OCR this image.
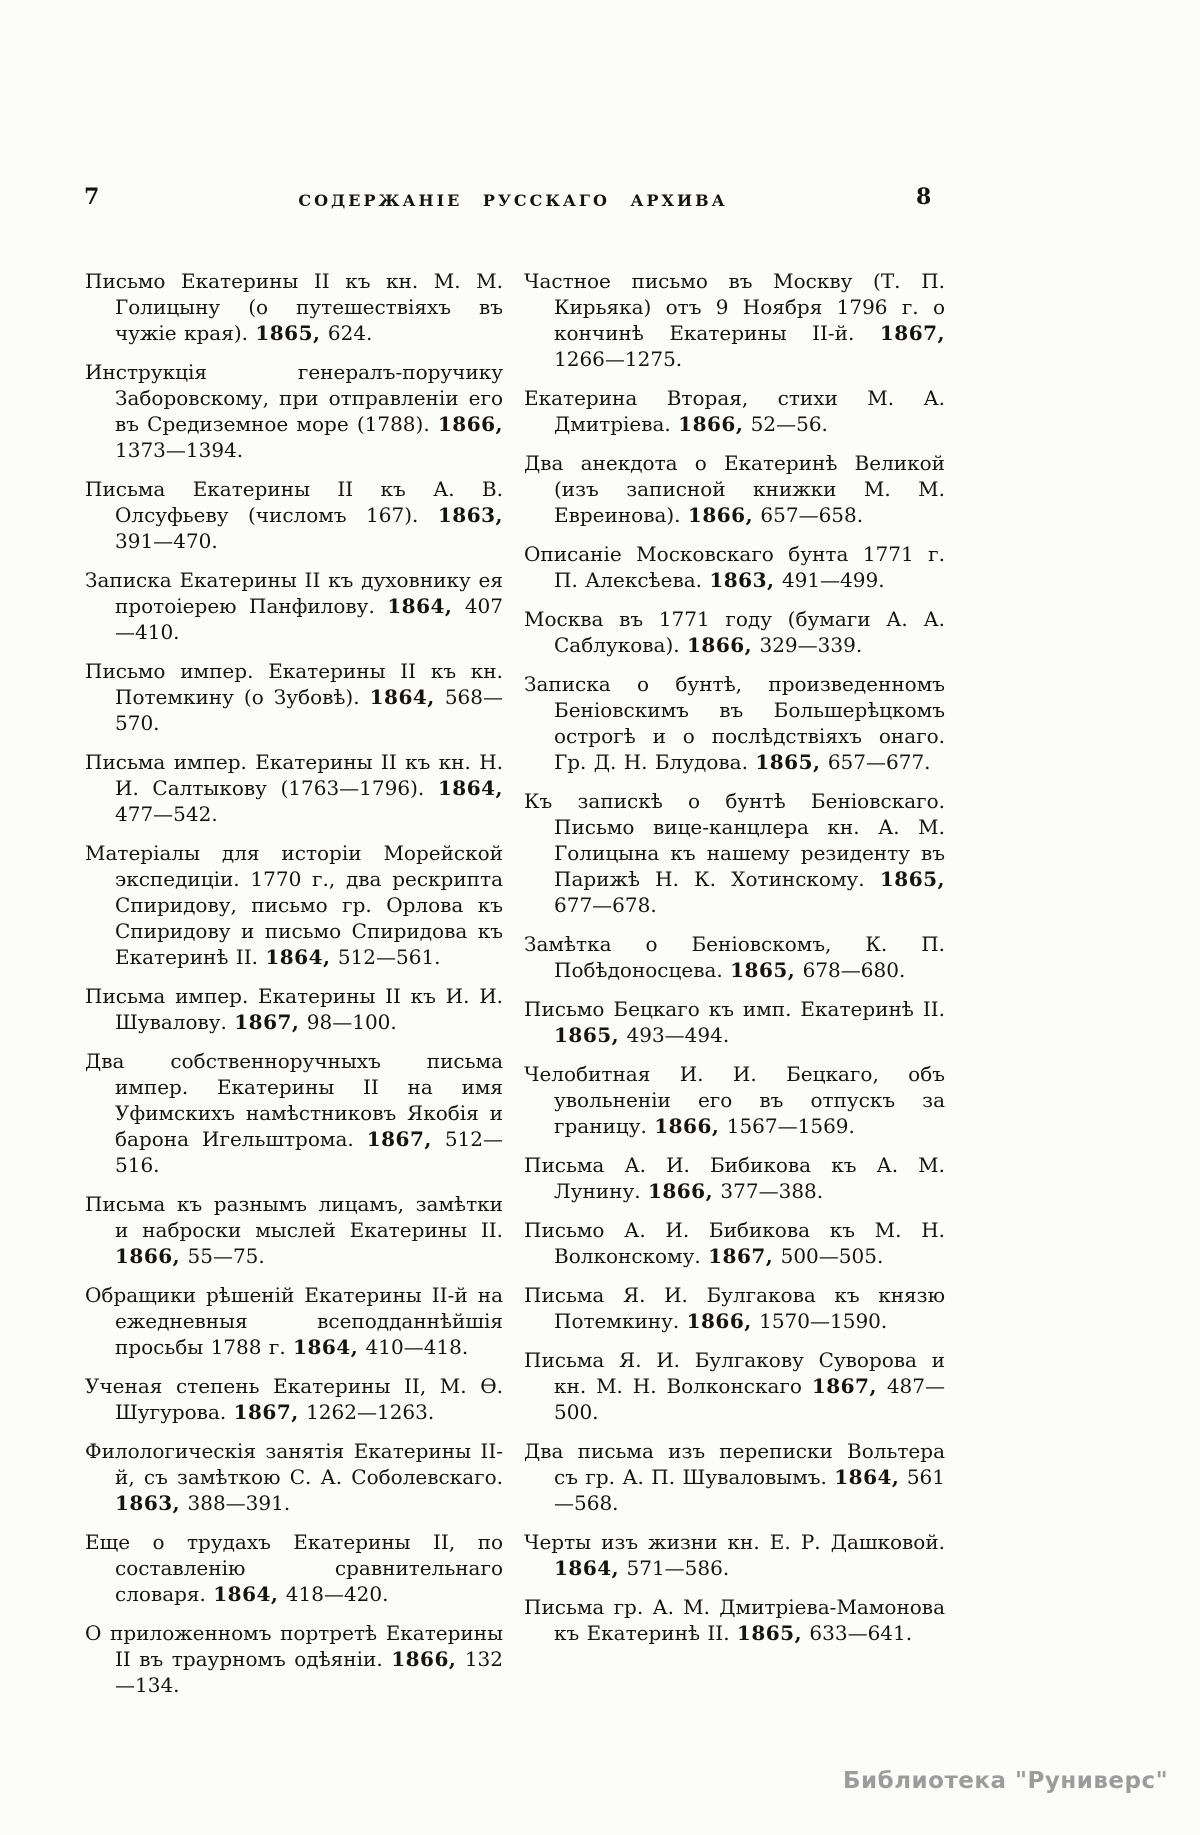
7	СОДЕРЖАНІЕ РУССКАГО АРХИВА	8

Письмо Екатерины II къ кн. М. М. Голицыну (о путешествіяхъ въ чужіе края). 1865, 624.

Инструкція генералъ-поручику Заборовскому, при отправленіи его въ Средиземное море (1788). 1866, 1373—1394.

Письма Екатерины II къ А. В. Олсуфьеву (числомъ 167). 1863, 391—470.

Записка Екатерины II къ духовнику ея протоіерею Панфилову. 1864, 407—410.

Письмо импер. Екатерины II къ кн. Потемкину (о Зубовѣ). 1864, 568—570.

Письма импер. Екатерины II къ кн. Н. И. Салтыкову (1763—1796). 1864, 477—542.

Матеріалы для исторіи Морейской экспедиціи. 1770 г., два рескрипта Спиридову, письмо гр. Орлова къ Спиридову и письмо Спиридова къ Екатеринѣ II. 1864, 512—561.

Письма импер. Екатерины II къ И. И. Шувалову. 1867, 98—100.

Два собственноручныхъ письма импер. Екатерины II на имя Уфимскихъ намѣстниковъ Якобія и барона Игельштрома. 1867, 512—516.

Письма къ разнымъ лицамъ, замѣтки и наброски мыслей Екатерины II. 1866, 55—75.

Обращики рѣшеній Екатерины II-й на ежедневныя всеподданнѣйшія просьбы 1788 г. 1864, 410—418.

Ученая степень Екатерины II, М. Ѳ. Шугурова. 1867, 1262—1263.

Филологическія занятія Екатерины II-й, съ замѣткою С. А. Соболевскаго. 1863, 388—391.

Еще о трудахъ Екатерины II, по составленію сравнительнаго словаря. 1864, 418—420.

О приложенномъ портретѣ Екатерины II въ траурномъ одѣяніи. 1866, 132—134.

Частное письмо въ Москву (Т. П. Кирьяка) отъ 9 Ноября 1796 г. о кончинѣ Екатерины II-й. 1867, 1266—1275.

Екатерина Вторая, стихи М. А. Дмитріева. 1866, 52—56.

Два анекдота о Екатеринѣ Великой (изъ записной книжки М. М. Евреинова). 1866, 657—658.

Описаніе Московскаго бунта 1771 г. П. Алексѣева. 1863, 491—499.

Москва въ 1771 году (бумаги А. А. Саблукова). 1866, 329—339.

Записка о бунтѣ, произведенномъ Беніовскимъ въ Большерѣцкомъ острогѣ и о послѣдствіяхъ онаго. Гр. Д. Н. Блудова. 1865, 657—677.

Къ запискѣ о бунтѣ Беніовскаго. Письмо вице-канцлера кн. А. М. Голицына къ нашему резиденту въ Парижѣ Н. К. Хотинскому. 1865, 677—678.

Замѣтка о Беніовскомъ, К. П. Побѣдоносцева. 1865, 678—680.

Письмо Бецкаго къ имп. Екатеринѣ II. 1865, 493—494.

Челобитная И. И. Бецкаго, объ увольненіи его въ отпускъ за границу. 1866, 1567—1569.

Письма А. И. Бибикова къ А. М. Лунину. 1866, 377—388.

Письмо А. И. Бибикова къ М. Н. Волконскому. 1867, 500—505.

Письма Я. И. Булгакова къ князю Потемкину. 1866, 1570—1590.

Письма Я. И. Булгакову Суворова и кн. М. Н. Волконскаго 1867, 487—500.

Два письма изъ переписки Вольтера съ гр. А. П. Шуваловымъ. 1864, 561—568.

Черты изъ жизни кн. Е. Р. Дашковой. 1864, 571—586.

Письма гр. А. М. Дмитріева-Мамонова къ Екатеринѣ II. 1865, 633—641.

Библиотека "Руниверс"
